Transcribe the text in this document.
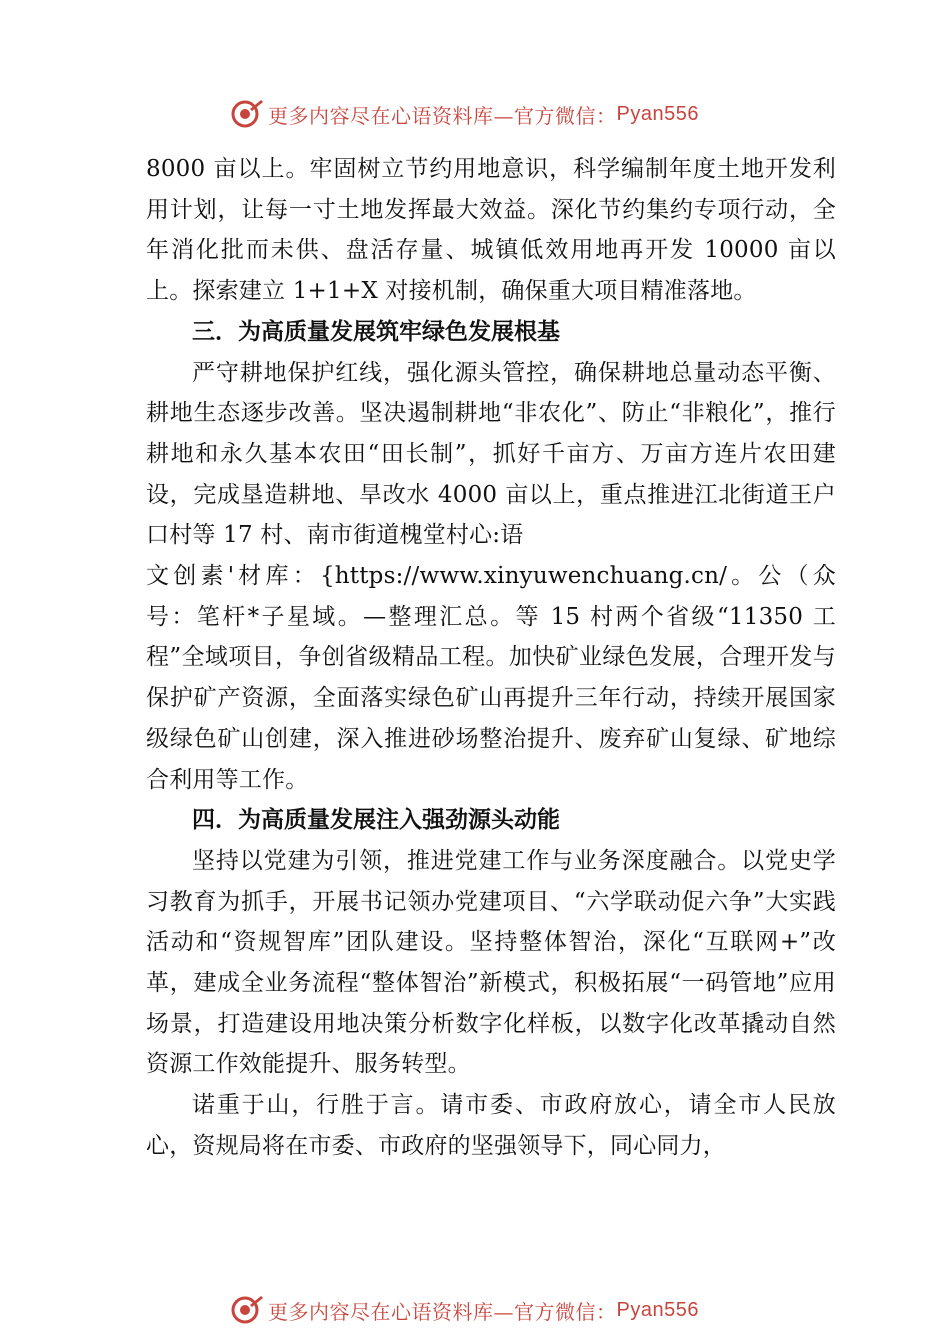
更多内容尽在心语资料库—官方微信： Pyan556

8000 亩以上。牢固树立节约用地意识，科学编制年度土地开发利用计划，让每一寸土地发挥最大效益。深化节约集约专项行动，全年消化批而未供、盘活存量、城镇低效用地再开发 10000 亩以上。探索建立 1+1+X 对接机制，确保重大项目精准落地。

三．为高质量发展筑牢绿色发展根基

严守耕地保护红线，强化源头管控，确保耕地总量动态平衡、耕地生态逐步改善。坚决遏制耕地“非农化”、防止“非粮化”，推行耕地和永久基本农田“田长制”，抓好千亩方、万亩方连片农田建设，完成垦造耕地、旱改水 4000 亩以上，重点推进江北街道王户口村等 17 村、南市街道槐堂村心:语

文创素'材库：{https://www.xinyuwenchuang.cn/。公（众号：笔杆*子星域。—整理汇总。等 15 村两个省级“11350 工程”全域项目，争创省级精品工程。加快矿业绿色发展，合理开发与保护矿产资源，全面落实绿色矿山再提升三年行动，持续开展国家级绿色矿山创建，深入推进砂场整治提升、废弃矿山复绿、矿地综合利用等工作。

四．为高质量发展注入强劲源头动能

坚持以党建为引领，推进党建工作与业务深度融合。以党史学习教育为抓手，开展书记领办党建项目、“六学联动促六争”大实践活动和“资规智库”团队建设。坚持整体智治，深化“互联网+”改革，建成全业务流程“整体智治”新模式，积极拓展“一码管地”应用场景，打造建设用地决策分析数字化样板，以数字化改革撬动自然资源工作效能提升、服务转型。

诺重于山，行胜于言。请市委、市政府放心，请全市人民放心，资规局将在市委、市政府的坚强领导下，同心同力，

更多内容尽在心语资料库—官方微信： Pyan556
